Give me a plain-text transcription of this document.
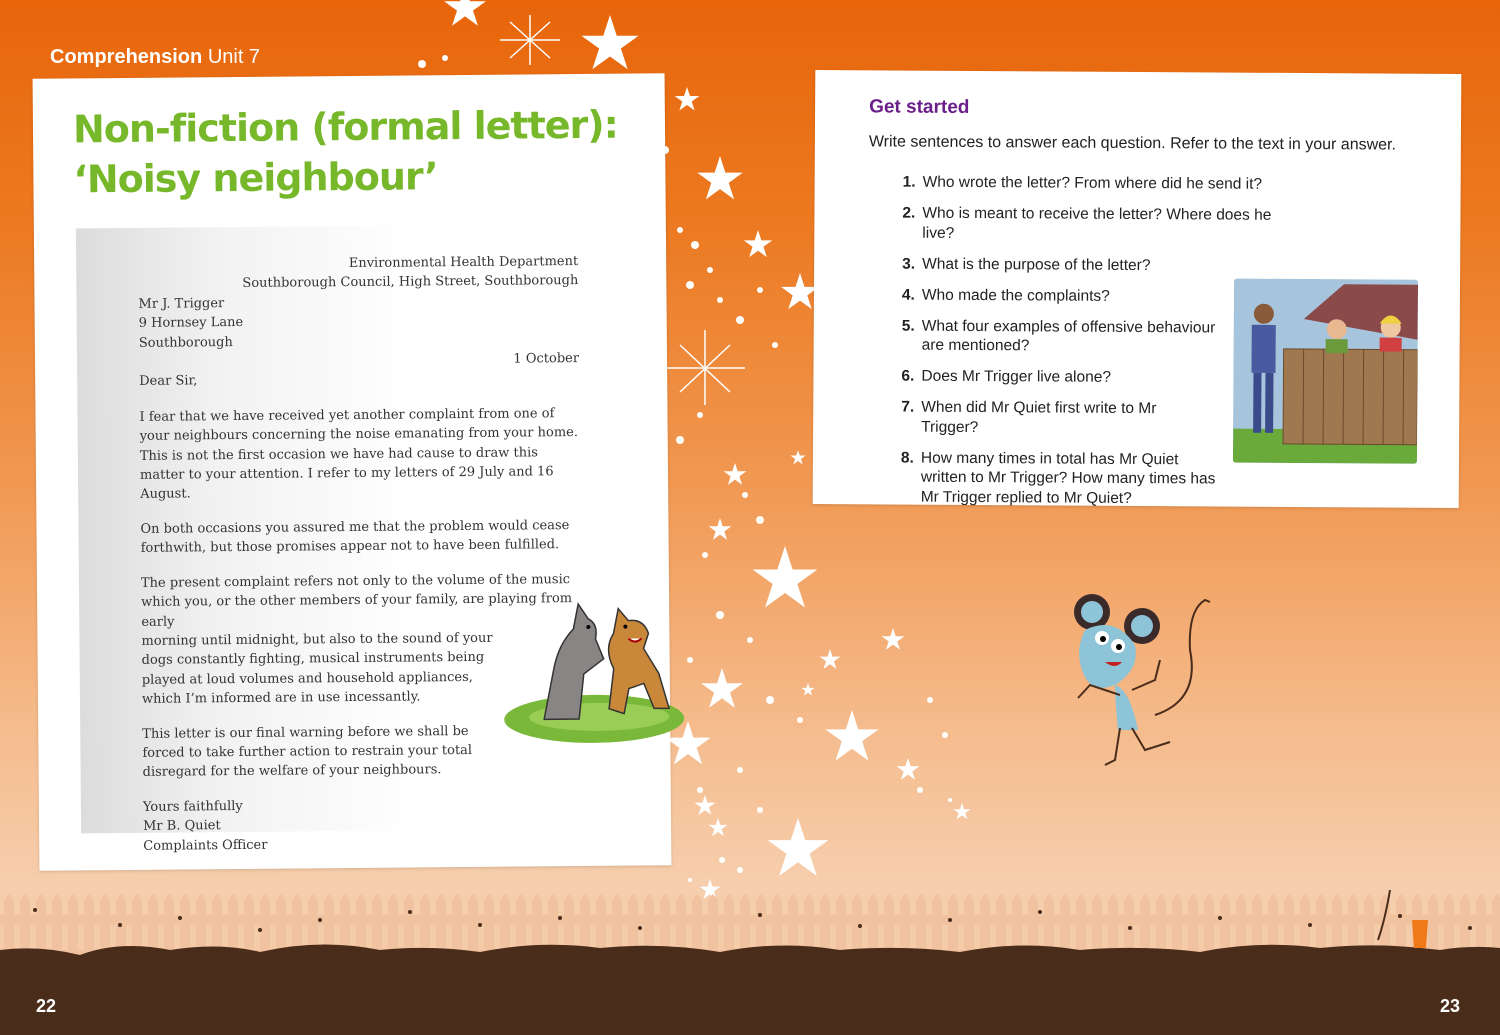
Comprehension Unit 7
Non-fiction (formal letter):
‘Noisy neighbour’

Environmental Health Department

Southborough Council, High Street, Southborough

Mr J. Trigger

9 Hornsey Lane

Southborough

1 October

Dear Sir,

I fear that we have received yet another complaint from one of your neighbours concerning the noise emanating from your home. This is not the first occasion we have had cause to draw this matter to your attention. I refer to my letters of 29 July and 16 August.

On both occasions you assured me that the problem would cease forthwith, but those promises appear not to have been fulfilled.

The present complaint refers not only to the volume of the music which you, or the other members of your family, are playing from early
morning until midnight, but also to the sound of your dogs constantly fighting, musical instruments being played at loud volumes and household appliances, which I’m informed are in use incessantly.

This letter is our final warning before we shall be forced to take further action to restrain your total disregard for the welfare of your neighbours.

Yours faithfully

Mr B. Quiet

Complaints Officer

Get started
Write sentences to answer each question. Refer to the text in your answer.
1. Who wrote the letter? From where did he send it?
2. Who is meant to receive the letter? Where does he live?
3. What is the purpose of the letter?
4. Who made the complaints?
5. What four examples of offensive behaviour are mentioned?
6. Does Mr Trigger live alone?
7. When did Mr Quiet first write to Mr Trigger?
8. How many times in total has Mr Quiet written to Mr Trigger? How many times has Mr Trigger replied to Mr Quiet?
22	23
